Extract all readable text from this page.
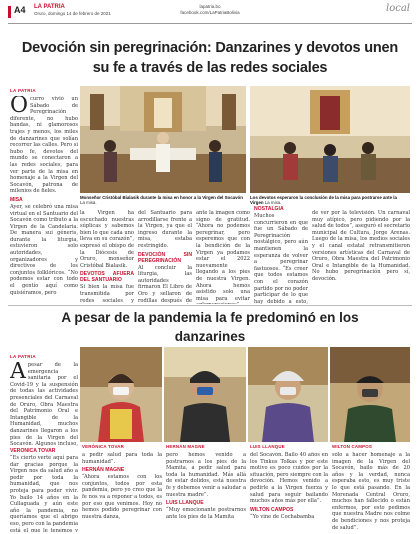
A4 LA PATRIA
Oruro, domingo 14 de febrero de 2021
lapatria.bo
facebook.com/LaPatriaBolivia	local
Devoción sin peregrinación: Danzarines y devotos unen su fe a través de las redes sociales
LA PATRIA
O curro vivió un Sábado de Peregrinación diferente, no hubo bandas, ni glamorosos trajes y menos, los miles de danzarines que solían recorrer las calles. Pero si hubo fe, devotos del mundo se conectaron a las redes sociales, para ver parte de la misa en homenaje a la Virgen del Socavón, patrona de milenios de fieles.

MISA

Ayer, se celebró una misa virtual en el Santuario del Socavón como tributo a la Virgen de la Candelaria. De manera sui géneris, durante la liturgia, estuvieron solo autoridades, organizadores y directivos de los conjuntos folklóricos. “No podemos estar con todo el gentío aquí como quisiéramos, pero

Monseñor Cristóbal Bialasik durante la misa en honor a la Virgen del Socavón La misa.
Los devotos esperaron la conclusión de la misa para postrarse ante la Virgen La misa.

la Virgen ha escuchado nuestras súplicas y sabemos bien lo que cada uno lleva en su corazón”, expresó el obispo de la Diócesis de Oruro, monseñor Cristóbal Bialasik.

DEVOTOS AFUERA DEL SANTUARIO

Si bien la misa fue transmitida por redes sociales y

del Santuario para arrodillarse frente a la Virgen, ya que el ingreso durante la misa, estaba restringido.

DEVOCIÓN SIN PEREGRINACIÓN

Al concluir la liturgia, las autoridades firmaron El Libro de Oro y sellaron de rodillas después de

ante la imagen como signo de gratitud. “Ahora no podemos peregrinar, pero esperemos que con la bendición de la Virgen ya podamos estar el 2022 nuevamente llegando a los pies de nuestra Virgen. Ahora hemos asistido solo una misa para evitar

NOSTALGIA

Muchos concurrieron en que fue un Sábado de Peregrinación nostálgico, pero aún mantienen la esperanza de volver a peregrinar fastuosos. “Es creer que todos estamos con el corazón partido por no poder participar de lo que hay debido a esto,

de ver por la televisión. Un carnaval muy atípico, pero pidiendo por la salud de todos”, aseguró el secretario municipal de Cultura, Jorge Arenas. Luego de la misa, los medios sociales y el canal estatal retransmitieron versiones artísticas del Carnaval de Oruro, Obra Maestra del Patrimonio Oral e Intangible de la Humanidad. No hubo peregrinación pero sí, devoción.

A pesar de la pandemia la fe predominó en los danzarines
LA PATRIA
A pesar de la emergencia sanitaria por el Covid-19 y la suspensión de todas las actividades presenciales del Carnaval de Oruro, Obra Maestra del Patrimonio Oral e Intangible de la Humanidad, muchos danzarines llegaron a los pies de la Virgen del Socavón. Algunos incluso, VERÓNICA TOVAR	HERNÁN MAGNE	LUIS LLANQUE	WILTON CAMPOS
VERÓNICA TOVAR

“Es cierto verte aquí para dar gracias porque la Virgen nos da salud año a pedir por toda la humanidad, que nos proteja para poder vivir. Yo bailo 14 años en la Cullaguada y aún este año la pandemia, no queríamos que el abrigo eso, pero con la pandemia está el que le tenemos y

a pedir salud para toda la humanidad”.

HERNÁN MAGNE

“Ahora estamos con los conjuntos, todos por esta pandemia, pero yo creo que la fe nos va a reponer a todos, es por eso que venimos. Hoy no hemos podido peregrinar con nuestra danza,

pero hemos venido a postrarnos a los pies de la Mamita, a pedir salud para toda la humanidad. Más allá de estar dolidos, está nuestra fe y debemos venir a saludar a nuestra madre”.

LUIS LLANQUE

“Muy emocionante postrarnos ante los pies de la Mamita

del Socavón. Bailo 40 años en los Tinkus Tolkas y por este motivo es poco cuidos por la situación, pero siempre con la devoción. Hemos venido a pedirle a la Virgen fuerza y salud para seguir bailando muchos años más por ella”.

WILTON CAMPOS

“Yo vine de Cochabamba

sólo a hacer homenaje a la imagen de la Virgen del Socavón, bailo más de 20 años y la verdad, nunca esperaba esto, es muy triste lo que está pasando. En la Morenada Central Oruro, muchos han fallecido o están enfermos, por esto pedimos que nuestra Madre nos colme de bendiciones y nos proteja de salud”.
